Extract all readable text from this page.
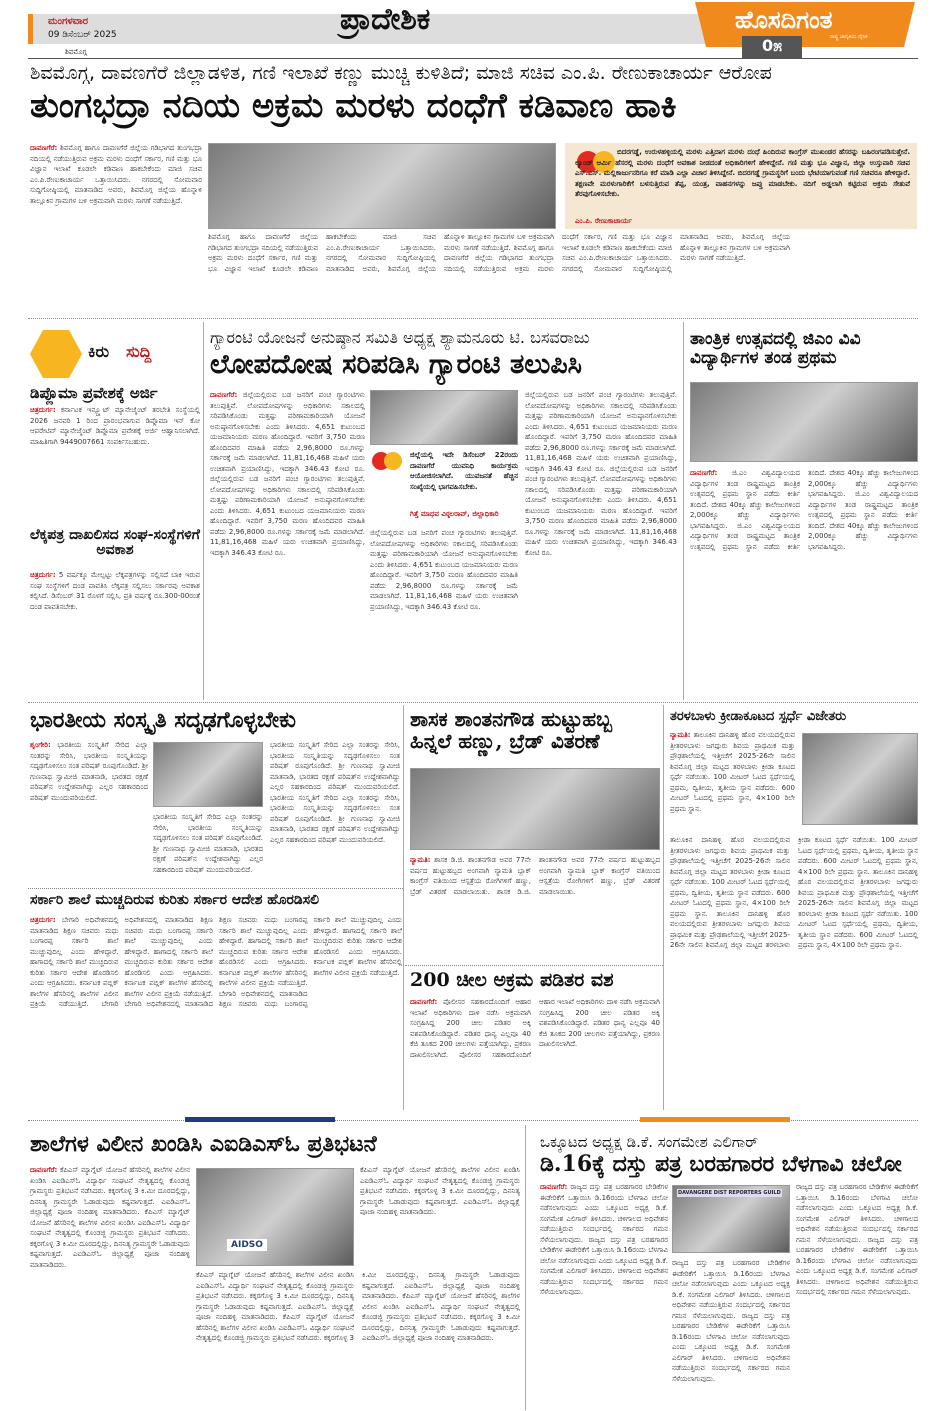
ಮಂಗಳವಾರ
09 ಡಿಸೆಂಬರ್ 2025
ಶಿವಮೊಗ್ಗ
ಪ್ರಾದೇಶಿಕ	ಹೊಸದಿಗಂತ
ರಾಷ್ಟ್ರ ಜಾಗೃತಿಯ ದೈನಿಕ
0೫
ಶಿವಮೊಗ್ಗ, ದಾವಣಗೆರೆ ಜಿಲ್ಲಾಡಳಿತ, ಗಣಿ ಇಲಾಖೆ ಕಣ್ಣು ಮುಚ್ಚಿ ಕುಳಿತಿದೆ; ಮಾಜಿ ಸಚಿವ ಎಂ.ಪಿ. ರೇಣುಕಾಚಾರ್ಯ ಆರೋಪ
ತುಂಗಭದ್ರಾ ನದಿಯ ಅಕ್ರಮ ಮರಳು ದಂಧೆಗೆ ಕಡಿವಾಣ ಹಾಕಿ
ದಾವಣಗೆರೆ: ಶಿವಮೊಗ್ಗ ಹಾಗೂ ದಾವಣಗೆರೆ ಜಿಲ್ಲೆಯ ಗಡಿಭಾಗದ ತುಂಗಭದ್ರಾ ನದಿಯಲ್ಲಿ ನಡೆಯುತ್ತಿರುವ ಅಕ್ರಮ ಮರಳು ದಂಧೆಗೆ ಸರ್ಕಾರ, ಗಣಿ ಮತ್ತು ಭೂ ವಿಜ್ಞಾನ ಇಲಾಖೆ ಕೂಡಲೇ ಕಡಿವಾಣ ಹಾಕಬೇಕೆಂದು ಮಾಜಿ ಸಚಿವ ಎಂ.ಪಿ.ರೇಣುಕಾಚಾರ್ಯ ಒತ್ತಾಯಿಸಿದರು. ನಗರದಲ್ಲಿ ಸೋಮವಾರ ಸುದ್ದಿಗೋಷ್ಠಿಯಲ್ಲಿ ಮಾತನಾಡಿದ ಅವರು, ಶಿವಮೊಗ್ಗ ಜಿಲ್ಲೆಯ ಹೊನ್ನಾಳಿ ತಾಲ್ಲೂಕಿನ ಗ್ರಾಮಗಳ ಬಳಿ ಅಕ್ರಮವಾಗಿ ಮರಳು ಸಾಗಣೆ ನಡೆಯುತ್ತಿದೆ.
ಶಿವಮೊಗ್ಗ ಹಾಗೂ ದಾವಣಗೆರೆ ಜಿಲ್ಲೆಯ ಗಡಿಭಾಗದ ತುಂಗಭದ್ರಾ ನದಿಯಲ್ಲಿ ನಡೆಯುತ್ತಿರುವ ಅಕ್ರಮ ಮರಳು ದಂಧೆಗೆ ಸರ್ಕಾರ, ಗಣಿ ಮತ್ತು ಭೂ ವಿಜ್ಞಾನ ಇಲಾಖೆ ಕೂಡಲೇ ಕಡಿವಾಣ ಹಾಕಬೇಕೆಂದು ಮಾಜಿ ಸಚಿವ ಎಂ.ಪಿ.ರೇಣುಕಾಚಾರ್ಯ ಒತ್ತಾಯಿಸಿದರು. ನಗರದಲ್ಲಿ ಸೋಮವಾರ ಸುದ್ದಿಗೋಷ್ಠಿಯಲ್ಲಿ ಮಾತನಾಡಿದ ಅವರು, ಶಿವಮೊಗ್ಗ ಜಿಲ್ಲೆಯ ಹೊನ್ನಾಳಿ ತಾಲ್ಲೂಕಿನ ಗ್ರಾಮಗಳ ಬಳಿ ಅಕ್ರಮವಾಗಿ ಮರಳು ಸಾಗಣೆ ನಡೆಯುತ್ತಿದೆ. ಶಿವಮೊಗ್ಗ ಹಾಗೂ ದಾವಣಗೆರೆ ಜಿಲ್ಲೆಯ ಗಡಿಭಾಗದ ತುಂಗಭದ್ರಾ ನದಿಯಲ್ಲಿ ನಡೆಯುತ್ತಿರುವ ಅಕ್ರಮ ಮರಳು ದಂಧೆಗೆ ಸರ್ಕಾರ, ಗಣಿ ಮತ್ತು ಭೂ ವಿಜ್ಞಾನ ಇಲಾಖೆ ಕೂಡಲೇ ಕಡಿವಾಣ ಹಾಕಬೇಕೆಂದು ಮಾಜಿ ಸಚಿವ ಎಂ.ಪಿ.ರೇಣುಕಾಚಾರ್ಯ ಒತ್ತಾಯಿಸಿದರು. ನಗರದಲ್ಲಿ ಸೋಮವಾರ ಸುದ್ದಿಗೋಷ್ಠಿಯಲ್ಲಿ ಮಾತನಾಡಿದ ಅವರು, ಶಿವಮೊಗ್ಗ ಜಿಲ್ಲೆಯ ಹೊನ್ನಾಳಿ ತಾಲ್ಲೂಕಿನ ಗ್ರಾಮಗಳ ಬಳಿ ಅಕ್ರಮವಾಗಿ ಮರಳು ಸಾಗಣೆ ನಡೆಯುತ್ತಿದೆ.
ಬಿದರಗಡ್ಡೆ, ಉರುಳಹಳ್ಳಿಯಲ್ಲಿ ಮರಳು ಎತ್ತಿದಾಗ ಮರಳು ದಂಧೆ ಹಿಂದಿರುವ ಕಾಂಗ್ರೆಸ್ ಮುಖಂಡರ ಹೆಸರನ್ನು ಬಹಿರಂಗಪಡಿಸುತ್ತೇನೆ. ಲ್ಯಾಂಡ್ ಆರ್ಮಿ ಹೆಸರಲ್ಲಿ ಮರಳು ದಂಧೆಗೆ ಅವಕಾಶ ನೀಡದಂತೆ ಅಧಿಕಾರಿಗಳಿಗೆ ಹೇಳಿದ್ದೇನೆ. ಗಣಿ ಮತ್ತು ಭೂ ವಿಜ್ಞಾನ, ಜಿಲ್ಲಾ ಉಸ್ತುವಾರಿ ಸಚಿವ ಎಸ್.ಎಸ್. ಮಲ್ಲಿಕಾರ್ಜುನರಿಗೂ ಕರೆ ಮಾಡಿ ಎಲ್ಲಾ ವಿಚಾರ ತಿಳಿಸಿದ್ದೇನೆ. ಬಿದರಗಡ್ಡೆ ಗ್ರಾಮಸ್ಥರಿಗೆ ಬಂದು ಭೇಟಿಯಾಗುವಂತೆ ಗಣಿ ಸಚಿವರೂ ಹೇಳಿದ್ದಾರೆ. ತಕ್ಷಣವೇ ಮರಳುಗಾರಿಕೆಗೆ ಬಳಸುತ್ತಿರುವ ತೆಪ್ಪ, ಯಂತ್ರ, ವಾಹನಗಳನ್ನು ಜಪ್ತು ಮಾಡಬೇಕು. ನದಿಗೆ ಅಡ್ಡಲಾಗಿ ಕಟ್ಟಿರುವ ಅಕ್ರಮ ಸೇತುವೆ ತೆರವುಗೊಳಿಸಬೇಕು.
ಎಂ.ಪಿ. ರೇಣುಕಾಚಾರ್ಯ
ಕಿರು ಸುದ್ದಿ
ಡಿಪ್ಲೊಮಾ ಪ್ರವೇಶಕ್ಕೆ ಅರ್ಜಿ
ಚಿತ್ರದುರ್ಗ: ಕರ್ನಾಟಕ ಇನ್ಸ್ಟ್ಯೂಟ್ ಮ್ಯಾನೇಜ್ಮೆಂಟ್ ತರಬೇತಿ ಸಂಸ್ಥೆಯಲ್ಲಿ 2026 ಜನವರಿ 1 ರಿಂದ ಪ್ರಾರಂಭವಾಗುವ ಡಿಪ್ಲೊಮಾ ಇನ್ ಕೋ ಆಪರೇಟಿವ್ ಮ್ಯಾನೇಜ್ಮೆಂಟ್ ಡಿಪ್ಲೊಮಾ ಪ್ರವೇಶಕ್ಕೆ ಅರ್ಜಿ ಆಹ್ವಾನಿಸಲಾಗಿದೆ. ಮಾಹಿತಿಗಾಗಿ 9449007661 ಸಂಪರ್ಕಿಸಬಹುದು.
ಲೆಕ್ಕಪತ್ರ ದಾಖಲಿಸದ ಸಂಘ-ಸಂಸ್ಥೆಗಳಿಗೆ ಅವಕಾಶ
ಚಿತ್ರದುರ್ಗ: 5 ವರ್ಷಕ್ಕೂ ಮೇಲ್ಪಟ್ಟು ಲೆಕ್ಕಪತ್ರಗಳನ್ನು ಸಲ್ಲಿಸದೆ ಬಾಕಿ ಇರುವ ಸಂಘ ಸಂಸ್ಥೆಗಳಿಗೆ ದಂಡ ಪಾವತಿಸಿ ಲೆಕ್ಕಪತ್ರ ಸಲ್ಲಿಸಲು ಸರ್ಕಾರವು ಅವಕಾಶ ಕಲ್ಪಿಸಿದೆ. ಡಿಸೆಂಬರ್ 31 ರೊಳಗೆ ಸಲ್ಲಿಸಿ, ಪ್ರತಿ ವರ್ಷಕ್ಕೆ ರೂ.300-00ರಂತೆ ದಂಡ ಪಾವತಿಸಬೇಕು.
ಗ್ಯಾರಂಟಿ ಯೋಜನೆ ಅನುಷ್ಠಾನ ಸಮಿತಿ ಅಧ್ಯಕ್ಷ ಶ್ಯಾಮನೂರು ಟಿ. ಬಸವರಾಜು
ಲೋಪದೋಷ ಸರಿಪಡಿಸಿ ಗ್ಯಾರಂಟಿ ತಲುಪಿಸಿ
ದಾವಣಗೆರೆ: ಜಿಲ್ಲೆಯಲ್ಲಿರುವ ಬಡ ಜನರಿಗೆ ಪಂಚ ಗ್ಯಾರಂಟಿಗಳು ತಲುಪುತ್ತಿವೆ. ಲೋಪದೋಷಗಳನ್ನು ಅಧಿಕಾರಿಗಳು ಸಕಾಲದಲ್ಲಿ ಸರಿಪಡಿಸಿಕೊಂಡು ಮತ್ತಷ್ಟು ಪರಿಣಾಮಕಾರಿಯಾಗಿ ಯೋಜನೆ ಅನುಷ್ಠಾನಗೊಳಿಸಬೇಕು ಎಂದು ತಿಳಿಸಿದರು. 4,651 ಕುಟುಂಬದ ಯಜಮಾನಿಯರು ಮರಣ ಹೊಂದಿದ್ದಾರೆ. ಇವರಿಗೆ 3,750 ಮರಣ ಹೊಂದಿದವರ ಮಾಹಿತಿ ಪಡೆದು 2,96,8000 ರೂ.ಗಳನ್ನು ಸರ್ಕಾರಕ್ಕೆ ಜಮೆ ಮಾಡಲಾಗಿದೆ. 11,81,16,468 ಮಹಿಳೆ ಯರು ಉಚಿತವಾಗಿ ಪ್ರಯಾಣಿಸಿದ್ದು, ಇದಕ್ಕಾಗಿ 346.43 ಕೋಟಿ ರೂ. ಜಿಲ್ಲೆಯಲ್ಲಿರುವ ಬಡ ಜನರಿಗೆ ಪಂಚ ಗ್ಯಾರಂಟಿಗಳು ತಲುಪುತ್ತಿವೆ. ಲೋಪದೋಷಗಳನ್ನು ಅಧಿಕಾರಿಗಳು ಸಕಾಲದಲ್ಲಿ ಸರಿಪಡಿಸಿಕೊಂಡು ಮತ್ತಷ್ಟು ಪರಿಣಾಮಕಾರಿಯಾಗಿ ಯೋಜನೆ ಅನುಷ್ಠಾನಗೊಳಿಸಬೇಕು ಎಂದು ತಿಳಿಸಿದರು. 4,651 ಕುಟುಂಬದ ಯಜಮಾನಿಯರು ಮರಣ ಹೊಂದಿದ್ದಾರೆ. ಇವರಿಗೆ 3,750 ಮರಣ ಹೊಂದಿದವರ ಮಾಹಿತಿ ಪಡೆದು 2,96,8000 ರೂ.ಗಳನ್ನು ಸರ್ಕಾರಕ್ಕೆ ಜಮೆ ಮಾಡಲಾಗಿದೆ. 11,81,16,468 ಮಹಿಳೆ ಯರು ಉಚಿತವಾಗಿ ಪ್ರಯಾಣಿಸಿದ್ದು, ಇದಕ್ಕಾಗಿ 346.43 ಕೋಟಿ ರೂ.
ಜಿಲ್ಲೆಯಲ್ಲಿ ಇದೇ ಡಿಸೆಂಬರ್ 22ರಂದು ದಾವಣಗೆರೆ ಯುವನಿಧಿ ಕಾರ್ಯಕ್ರಮ ಆಯೋಜಿಸಲಾಗಿದೆ. ಯುವಜನತೆ ಹೆಚ್ಚಿನ ಸಂಖ್ಯೆಯಲ್ಲಿ ಭಾಗವಹಿಸಬೇಕು.
ಗಿತ್ತೆ ಮಾಧವ ವಿಠ್ಠಲರಾವ್, ಜಿಲ್ಲಾಧಿಕಾರಿ
ಜಿಲ್ಲೆಯಲ್ಲಿರುವ ಬಡ ಜನರಿಗೆ ಪಂಚ ಗ್ಯಾರಂಟಿಗಳು ತಲುಪುತ್ತಿವೆ. ಲೋಪದೋಷಗಳನ್ನು ಅಧಿಕಾರಿಗಳು ಸಕಾಲದಲ್ಲಿ ಸರಿಪಡಿಸಿಕೊಂಡು ಮತ್ತಷ್ಟು ಪರಿಣಾಮಕಾರಿಯಾಗಿ ಯೋಜನೆ ಅನುಷ್ಠಾನಗೊಳಿಸಬೇಕು ಎಂದು ತಿಳಿಸಿದರು. 4,651 ಕುಟುಂಬದ ಯಜಮಾನಿಯರು ಮರಣ ಹೊಂದಿದ್ದಾರೆ. ಇವರಿಗೆ 3,750 ಮರಣ ಹೊಂದಿದವರ ಮಾಹಿತಿ ಪಡೆದು 2,96,8000 ರೂ.ಗಳನ್ನು ಸರ್ಕಾರಕ್ಕೆ ಜಮೆ ಮಾಡಲಾಗಿದೆ. 11,81,16,468 ಮಹಿಳೆ ಯರು ಉಚಿತವಾಗಿ ಪ್ರಯಾಣಿಸಿದ್ದು, ಇದಕ್ಕಾಗಿ 346.43 ಕೋಟಿ ರೂ.
ಜಿಲ್ಲೆಯಲ್ಲಿರುವ ಬಡ ಜನರಿಗೆ ಪಂಚ ಗ್ಯಾರಂಟಿಗಳು ತಲುಪುತ್ತಿವೆ. ಲೋಪದೋಷಗಳನ್ನು ಅಧಿಕಾರಿಗಳು ಸಕಾಲದಲ್ಲಿ ಸರಿಪಡಿಸಿಕೊಂಡು ಮತ್ತಷ್ಟು ಪರಿಣಾಮಕಾರಿಯಾಗಿ ಯೋಜನೆ ಅನುಷ್ಠಾನಗೊಳಿಸಬೇಕು ಎಂದು ತಿಳಿಸಿದರು. 4,651 ಕುಟುಂಬದ ಯಜಮಾನಿಯರು ಮರಣ ಹೊಂದಿದ್ದಾರೆ. ಇವರಿಗೆ 3,750 ಮರಣ ಹೊಂದಿದವರ ಮಾಹಿತಿ ಪಡೆದು 2,96,8000 ರೂ.ಗಳನ್ನು ಸರ್ಕಾರಕ್ಕೆ ಜಮೆ ಮಾಡಲಾಗಿದೆ. 11,81,16,468 ಮಹಿಳೆ ಯರು ಉಚಿತವಾಗಿ ಪ್ರಯಾಣಿಸಿದ್ದು, ಇದಕ್ಕಾಗಿ 346.43 ಕೋಟಿ ರೂ. ಜಿಲ್ಲೆಯಲ್ಲಿರುವ ಬಡ ಜನರಿಗೆ ಪಂಚ ಗ್ಯಾರಂಟಿಗಳು ತಲುಪುತ್ತಿವೆ. ಲೋಪದೋಷಗಳನ್ನು ಅಧಿಕಾರಿಗಳು ಸಕಾಲದಲ್ಲಿ ಸರಿಪಡಿಸಿಕೊಂಡು ಮತ್ತಷ್ಟು ಪರಿಣಾಮಕಾರಿಯಾಗಿ ಯೋಜನೆ ಅನುಷ್ಠಾನಗೊಳಿಸಬೇಕು ಎಂದು ತಿಳಿಸಿದರು. 4,651 ಕುಟುಂಬದ ಯಜಮಾನಿಯರು ಮರಣ ಹೊಂದಿದ್ದಾರೆ. ಇವರಿಗೆ 3,750 ಮರಣ ಹೊಂದಿದವರ ಮಾಹಿತಿ ಪಡೆದು 2,96,8000 ರೂ.ಗಳನ್ನು ಸರ್ಕಾರಕ್ಕೆ ಜಮೆ ಮಾಡಲಾಗಿದೆ. 11,81,16,468 ಮಹಿಳೆ ಯರು ಉಚಿತವಾಗಿ ಪ್ರಯಾಣಿಸಿದ್ದು, ಇದಕ್ಕಾಗಿ 346.43 ಕೋಟಿ ರೂ.
ತಾಂತ್ರಿಕ ಉತ್ಸವದಲ್ಲಿ ಜಿಎಂ ವಿವಿ ವಿದ್ಯಾರ್ಥಿಗಳ ತಂಡ ಪ್ರಥಮ
ದಾವಣಗೆರೆ: ಜಿ.ಎಂ ವಿಶ್ವವಿದ್ಯಾಲಯದ ವಿದ್ಯಾರ್ಥಿಗಳ ತಂಡ ರಾಷ್ಟ್ರಮಟ್ಟದ ತಾಂತ್ರಿಕ ಉತ್ಸವದಲ್ಲಿ ಪ್ರಥಮ ಸ್ಥಾನ ಪಡೆದು ಕೀರ್ತಿ ತಂದಿದೆ. ದೇಶದ 40ಕ್ಕೂ ಹೆಚ್ಚು ಕಾಲೇಜುಗಳಿಂದ 2,000ಕ್ಕೂ ಹೆಚ್ಚು ವಿದ್ಯಾರ್ಥಿಗಳು ಭಾಗವಹಿಸಿದ್ದರು. ಜಿ.ಎಂ ವಿಶ್ವವಿದ್ಯಾಲಯದ ವಿದ್ಯಾರ್ಥಿಗಳ ತಂಡ ರಾಷ್ಟ್ರಮಟ್ಟದ ತಾಂತ್ರಿಕ ಉತ್ಸವದಲ್ಲಿ ಪ್ರಥಮ ಸ್ಥಾನ ಪಡೆದು ಕೀರ್ತಿ ತಂದಿದೆ. ದೇಶದ 40ಕ್ಕೂ ಹೆಚ್ಚು ಕಾಲೇಜುಗಳಿಂದ 2,000ಕ್ಕೂ ಹೆಚ್ಚು ವಿದ್ಯಾರ್ಥಿಗಳು ಭಾಗವಹಿಸಿದ್ದರು. ಜಿ.ಎಂ ವಿಶ್ವವಿದ್ಯಾಲಯದ ವಿದ್ಯಾರ್ಥಿಗಳ ತಂಡ ರಾಷ್ಟ್ರಮಟ್ಟದ ತಾಂತ್ರಿಕ ಉತ್ಸವದಲ್ಲಿ ಪ್ರಥಮ ಸ್ಥಾನ ಪಡೆದು ಕೀರ್ತಿ ತಂದಿದೆ. ದೇಶದ 40ಕ್ಕೂ ಹೆಚ್ಚು ಕಾಲೇಜುಗಳಿಂದ 2,000ಕ್ಕೂ ಹೆಚ್ಚು ವಿದ್ಯಾರ್ಥಿಗಳು ಭಾಗವಹಿಸಿದ್ದರು.
ಭಾರತೀಯ ಸಂಸ್ಕೃತಿ ಸದೃಢಗೊಳ್ಳಬೇಕು
ಶೃಂಗೇರಿ: ಭಾರತೀಯ ಸಂಸ್ಕೃತಿಗೆ ಸೇರಿದ ಎಲ್ಲಾ ಸಂತರನ್ನು ಸೇರಿಸಿ, ಭಾರತೀಯ ಸಂಸ್ಕೃತಿಯನ್ನು ಸದೃಢಗೊಳಿಸಲು ಸಂತ ಪರಿಷತ್ ರೂಪುಗೊಂಡಿದೆ. ಶ್ರೀ ಗುಣನಾಥ ಸ್ವಾಮೀಜಿ ಮಾತನಾಡಿ, ಭಾರತದ ರಕ್ಷಣೆ ಪರಿಷತ್‌ನ ಉದ್ದೇಶವಾಗಿದ್ದು ಎಲ್ಲರ ಸಹಕಾರದಿಂದ ಪರಿಷತ್ ಮುಂದುವರಿಯಲಿದೆ.
ಭಾರತೀಯ ಸಂಸ್ಕೃತಿಗೆ ಸೇರಿದ ಎಲ್ಲಾ ಸಂತರನ್ನು ಸೇರಿಸಿ, ಭಾರತೀಯ ಸಂಸ್ಕೃತಿಯನ್ನು ಸದೃಢಗೊಳಿಸಲು ಸಂತ ಪರಿಷತ್ ರೂಪುಗೊಂಡಿದೆ. ಶ್ರೀ ಗುಣನಾಥ ಸ್ವಾಮೀಜಿ ಮಾತನಾಡಿ, ಭಾರತದ ರಕ್ಷಣೆ ಪರಿಷತ್‌ನ ಉದ್ದೇಶವಾಗಿದ್ದು ಎಲ್ಲರ ಸಹಕಾರದಿಂದ ಪರಿಷತ್ ಮುಂದುವರಿಯಲಿದೆ.
ಭಾರತೀಯ ಸಂಸ್ಕೃತಿಗೆ ಸೇರಿದ ಎಲ್ಲಾ ಸಂತರನ್ನು ಸೇರಿಸಿ, ಭಾರತೀಯ ಸಂಸ್ಕೃತಿಯನ್ನು ಸದೃಢಗೊಳಿಸಲು ಸಂತ ಪರಿಷತ್ ರೂಪುಗೊಂಡಿದೆ. ಶ್ರೀ ಗುಣನಾಥ ಸ್ವಾಮೀಜಿ ಮಾತನಾಡಿ, ಭಾರತದ ರಕ್ಷಣೆ ಪರಿಷತ್‌ನ ಉದ್ದೇಶವಾಗಿದ್ದು ಎಲ್ಲರ ಸಹಕಾರದಿಂದ ಪರಿಷತ್ ಮುಂದುವರಿಯಲಿದೆ. ಭಾರತೀಯ ಸಂಸ್ಕೃತಿಗೆ ಸೇರಿದ ಎಲ್ಲಾ ಸಂತರನ್ನು ಸೇರಿಸಿ, ಭಾರತೀಯ ಸಂಸ್ಕೃತಿಯನ್ನು ಸದೃಢಗೊಳಿಸಲು ಸಂತ ಪರಿಷತ್ ರೂಪುಗೊಂಡಿದೆ. ಶ್ರೀ ಗುಣನಾಥ ಸ್ವಾಮೀಜಿ ಮಾತನಾಡಿ, ಭಾರತದ ರಕ್ಷಣೆ ಪರಿಷತ್‌ನ ಉದ್ದೇಶವಾಗಿದ್ದು ಎಲ್ಲರ ಸಹಕಾರದಿಂದ ಪರಿಷತ್ ಮುಂದುವರಿಯಲಿದೆ.
ಸರ್ಕಾರಿ ಶಾಲೆ ಮುಚ್ಚದಿರುವ ಕುರಿತು ಸರ್ಕಾರ ಆದೇಶ ಹೊರಡಿಸಲಿ
ಚಿತ್ರದುರ್ಗ: ಬೇಗಾರಿ ಅಧಿವೇಶನದಲ್ಲಿ ಮಾತನಾಡಿದ ಶಿಕ್ಷಣ ಸಚಿವರು ಮಧು ಬಂಗಾರಪ್ಪ ಸರ್ಕಾರಿ ಶಾಲೆ ಮುಚ್ಚುವುದಿಲ್ಲ ಎಂದು ಹೇಳಿದ್ದಾರೆ. ಹಾಗಾದಲ್ಲಿ ಸರ್ಕಾರಿ ಶಾಲೆ ಮುಚ್ಚದಿರುವ ಕುರಿತು ಸರ್ಕಾರ ಆದೇಶ ಹೊರಡಿಸಲಿ ಎಂದು ಆಗ್ರಹಿಸಿದರು. ಕರ್ನಾಟಕ ಪಬ್ಲಿಕ್ ಶಾಲೆಗಳ ಹೆಸರಿನಲ್ಲಿ ಶಾಲೆಗಳ ವಿಲೀನ ಪ್ರಕ್ರಿಯೆ ನಡೆಯುತ್ತಿದೆ. ಬೇಗಾರಿ ಅಧಿವೇಶನದಲ್ಲಿ ಮಾತನಾಡಿದ ಶಿಕ್ಷಣ ಸಚಿವರು ಮಧು ಬಂಗಾರಪ್ಪ ಸರ್ಕಾರಿ ಶಾಲೆ ಮುಚ್ಚುವುದಿಲ್ಲ ಎಂದು ಹೇಳಿದ್ದಾರೆ. ಹಾಗಾದಲ್ಲಿ ಸರ್ಕಾರಿ ಶಾಲೆ ಮುಚ್ಚದಿರುವ ಕುರಿತು ಸರ್ಕಾರ ಆದೇಶ ಹೊರಡಿಸಲಿ ಎಂದು ಆಗ್ರಹಿಸಿದರು. ಕರ್ನಾಟಕ ಪಬ್ಲಿಕ್ ಶಾಲೆಗಳ ಹೆಸರಿನಲ್ಲಿ ಶಾಲೆಗಳ ವಿಲೀನ ಪ್ರಕ್ರಿಯೆ ನಡೆಯುತ್ತಿದೆ. ಬೇಗಾರಿ ಅಧಿವೇಶನದಲ್ಲಿ ಮಾತನಾಡಿದ ಶಿಕ್ಷಣ ಸಚಿವರು ಮಧು ಬಂಗಾರಪ್ಪ ಸರ್ಕಾರಿ ಶಾಲೆ ಮುಚ್ಚುವುದಿಲ್ಲ ಎಂದು ಹೇಳಿದ್ದಾರೆ. ಹಾಗಾದಲ್ಲಿ ಸರ್ಕಾರಿ ಶಾಲೆ ಮುಚ್ಚದಿರುವ ಕುರಿತು ಸರ್ಕಾರ ಆದೇಶ ಹೊರಡಿಸಲಿ ಎಂದು ಆಗ್ರಹಿಸಿದರು. ಕರ್ನಾಟಕ ಪಬ್ಲಿಕ್ ಶಾಲೆಗಳ ಹೆಸರಿನಲ್ಲಿ ಶಾಲೆಗಳ ವಿಲೀನ ಪ್ರಕ್ರಿಯೆ ನಡೆಯುತ್ತಿದೆ. ಬೇಗಾರಿ ಅಧಿವೇಶನದಲ್ಲಿ ಮಾತನಾಡಿದ ಶಿಕ್ಷಣ ಸಚಿವರು ಮಧು ಬಂಗಾರಪ್ಪ ಸರ್ಕಾರಿ ಶಾಲೆ ಮುಚ್ಚುವುದಿಲ್ಲ ಎಂದು ಹೇಳಿದ್ದಾರೆ. ಹಾಗಾದಲ್ಲಿ ಸರ್ಕಾರಿ ಶಾಲೆ ಮುಚ್ಚದಿರುವ ಕುರಿತು ಸರ್ಕಾರ ಆದೇಶ ಹೊರಡಿಸಲಿ ಎಂದು ಆಗ್ರಹಿಸಿದರು. ಕರ್ನಾಟಕ ಪಬ್ಲಿಕ್ ಶಾಲೆಗಳ ಹೆಸರಿನಲ್ಲಿ ಶಾಲೆಗಳ ವಿಲೀನ ಪ್ರಕ್ರಿಯೆ ನಡೆಯುತ್ತಿದೆ.
ಶಾಸಕ ಶಾಂತನಗೌಡ ಹುಟ್ಟುಹಬ್ಬ ಹಿನ್ನಲೆ ಹಣ್ಣು, ಬ್ರೆಡ್ ವಿತರಣೆ
ನ್ಯಾಮತಿ: ಶಾಸಕ ಡಿ.ಜಿ. ಶಾಂತನಗೌಡ ಅವರ 77ನೇ ವರ್ಷದ ಹುಟ್ಟುಹಬ್ಬದ ಅಂಗವಾಗಿ ನ್ಯಾಮತಿ ಬ್ಲಾಕ್ ಕಾಂಗ್ರೆಸ್ ವತಿಯಿಂದ ಆಸ್ಪತ್ರೆಯ ರೋಗಿಗಳಿಗೆ ಹಣ್ಣು, ಬ್ರೆಡ್ ವಿತರಣೆ ಮಾಡಲಾಯಿತು. ಶಾಸಕ ಡಿ.ಜಿ. ಶಾಂತನಗೌಡ ಅವರ 77ನೇ ವರ್ಷದ ಹುಟ್ಟುಹಬ್ಬದ ಅಂಗವಾಗಿ ನ್ಯಾಮತಿ ಬ್ಲಾಕ್ ಕಾಂಗ್ರೆಸ್ ವತಿಯಿಂದ ಆಸ್ಪತ್ರೆಯ ರೋಗಿಗಳಿಗೆ ಹಣ್ಣು, ಬ್ರೆಡ್ ವಿತರಣೆ ಮಾಡಲಾಯಿತು.
200 ಚೀಲ ಅಕ್ರಮ ಪಡಿತರ ವಶ
ದಾವಣಗೆರೆ: ಪೊಲೀಸರ ಸಹಕಾರದೊಂದಿಗೆ ಆಹಾರ ಇಲಾಖೆ ಅಧಿಕಾರಿಗಳು ದಾಳಿ ನಡೆಸಿ ಅಕ್ರಮವಾಗಿ ಸಂಗ್ರಹಿಸಿದ್ದ 200 ಚೀಲ ಪಡಿತರ ಅಕ್ಕಿ ವಶಪಡಿಸಿಕೊಂಡಿದ್ದಾರೆ. ಪಡಿತರ ಧಾನ್ಯ ಎಲ್ಲವೂ 40 ಕೆಜಿ ತೂಕದ 200 ಚೀಲಗಳು ಪತ್ತೆಯಾಗಿದ್ದು, ಪ್ರಕರಣ ದಾಖಲಿಸಲಾಗಿದೆ. ಪೊಲೀಸರ ಸಹಕಾರದೊಂದಿಗೆ ಆಹಾರ ಇಲಾಖೆ ಅಧಿಕಾರಿಗಳು ದಾಳಿ ನಡೆಸಿ ಅಕ್ರಮವಾಗಿ ಸಂಗ್ರಹಿಸಿದ್ದ 200 ಚೀಲ ಪಡಿತರ ಅಕ್ಕಿ ವಶಪಡಿಸಿಕೊಂಡಿದ್ದಾರೆ. ಪಡಿತರ ಧಾನ್ಯ ಎಲ್ಲವೂ 40 ಕೆಜಿ ತೂಕದ 200 ಚೀಲಗಳು ಪತ್ತೆಯಾಗಿದ್ದು, ಪ್ರಕರಣ ದಾಖಲಿಸಲಾಗಿದೆ.
ತರಳಬಾಳು ಕ್ರೀಡಾಕೂಟದ ಸ್ಪರ್ಧೆ ವಿಜೇತರು
ನ್ಯಾಮತಿ: ತಾಲೂಕಿನ ದಾನಿಹಳ್ಳಿ ಹೊರ ವಲಯದಲ್ಲಿರುವ ತ್ರೀತರಳಬಾಳು ಜಗದ್ಗುರು ಶಿವಯ ಪ್ರಾಥಮಿಕ ಮತ್ತು ಪ್ರೌಢಶಾಲೆಯಲ್ಲಿ ಇತ್ತೀಚೆಗೆ 2025-26ನೇ ಸಾಲಿನ ಶಿವಮೊಗ್ಗ ಜಿಲ್ಲಾ ಮಟ್ಟದ ತರಳಬಾಳು ಕ್ರೀಡಾ ಕೂಟದ ಸ್ಪರ್ಧೆ ನಡೆಯಿತು. 100 ಮೀಟರ್ ಓಟದ ಸ್ಪರ್ಧೆಯಲ್ಲಿ ಪ್ರಥಮ, ದ್ವಿತೀಯ, ತೃತೀಯ ಸ್ಥಾನ ಪಡೆದರು. 600 ಮೀಟರ್ ಓಟದಲ್ಲಿ ಪ್ರಥಮ ಸ್ಥಾನ, 4×100 ರಿಲೇ ಪ್ರಥಮ ಸ್ಥಾನ.
ತಾಲೂಕಿನ ದಾನಿಹಳ್ಳಿ ಹೊರ ವಲಯದಲ್ಲಿರುವ ತ್ರೀತರಳಬಾಳು ಜಗದ್ಗುರು ಶಿವಯ ಪ್ರಾಥಮಿಕ ಮತ್ತು ಪ್ರೌಢಶಾಲೆಯಲ್ಲಿ ಇತ್ತೀಚೆಗೆ 2025-26ನೇ ಸಾಲಿನ ಶಿವಮೊಗ್ಗ ಜಿಲ್ಲಾ ಮಟ್ಟದ ತರಳಬಾಳು ಕ್ರೀಡಾ ಕೂಟದ ಸ್ಪರ್ಧೆ ನಡೆಯಿತು. 100 ಮೀಟರ್ ಓಟದ ಸ್ಪರ್ಧೆಯಲ್ಲಿ ಪ್ರಥಮ, ದ್ವಿತೀಯ, ತೃತೀಯ ಸ್ಥಾನ ಪಡೆದರು. 600 ಮೀಟರ್ ಓಟದಲ್ಲಿ ಪ್ರಥಮ ಸ್ಥಾನ, 4×100 ರಿಲೇ ಪ್ರಥಮ ಸ್ಥಾನ. ತಾಲೂಕಿನ ದಾನಿಹಳ್ಳಿ ಹೊರ ವಲಯದಲ್ಲಿರುವ ತ್ರೀತರಳಬಾಳು ಜಗದ್ಗುರು ಶಿವಯ ಪ್ರಾಥಮಿಕ ಮತ್ತು ಪ್ರೌಢಶಾಲೆಯಲ್ಲಿ ಇತ್ತೀಚೆಗೆ 2025-26ನೇ ಸಾಲಿನ ಶಿವಮೊಗ್ಗ ಜಿಲ್ಲಾ ಮಟ್ಟದ ತರಳಬಾಳು ಕ್ರೀಡಾ ಕೂಟದ ಸ್ಪರ್ಧೆ ನಡೆಯಿತು. 100 ಮೀಟರ್ ಓಟದ ಸ್ಪರ್ಧೆಯಲ್ಲಿ ಪ್ರಥಮ, ದ್ವಿತೀಯ, ತೃತೀಯ ಸ್ಥಾನ ಪಡೆದರು. 600 ಮೀಟರ್ ಓಟದಲ್ಲಿ ಪ್ರಥಮ ಸ್ಥಾನ, 4×100 ರಿಲೇ ಪ್ರಥಮ ಸ್ಥಾನ. ತಾಲೂಕಿನ ದಾನಿಹಳ್ಳಿ ಹೊರ ವಲಯದಲ್ಲಿರುವ ತ್ರೀತರಳಬಾಳು ಜಗದ್ಗುರು ಶಿವಯ ಪ್ರಾಥಮಿಕ ಮತ್ತು ಪ್ರೌಢಶಾಲೆಯಲ್ಲಿ ಇತ್ತೀಚೆಗೆ 2025-26ನೇ ಸಾಲಿನ ಶಿವಮೊಗ್ಗ ಜಿಲ್ಲಾ ಮಟ್ಟದ ತರಳಬಾಳು ಕ್ರೀಡಾ ಕೂಟದ ಸ್ಪರ್ಧೆ ನಡೆಯಿತು. 100 ಮೀಟರ್ ಓಟದ ಸ್ಪರ್ಧೆಯಲ್ಲಿ ಪ್ರಥಮ, ದ್ವಿತೀಯ, ತೃತೀಯ ಸ್ಥಾನ ಪಡೆದರು. 600 ಮೀಟರ್ ಓಟದಲ್ಲಿ ಪ್ರಥಮ ಸ್ಥಾನ, 4×100 ರಿಲೇ ಪ್ರಥಮ ಸ್ಥಾನ.
ಶಾಲೆಗಳ ವಿಲೀನ ಖಂಡಿಸಿ ಎಐಡಿಎಸ್‌ಓ ಪ್ರತಿಭಟನೆ
ದಾವಣಗೆರೆ: ಕೆಪಿಎಸ್ ಮ್ಯಾಗ್ನೆಟ್ ಯೋಜನೆ ಹೆಸರಿನಲ್ಲಿ ಶಾಲೆಗಳ ವಿಲೀನ ಖಂಡಿಸಿ ಎಐಡಿಎಸ್‌ಓ ವಿದ್ಯಾರ್ಥಿ ಸಂಘಟನೆ ನೇತೃತ್ವದಲ್ಲಿ ಕೊಂಡಜ್ಜಿ ಗ್ರಾಮಸ್ಥರು ಪ್ರತಿಭಟನೆ ನಡೆಸಿದರು. ಕಕ್ಕರಗೊಳ್ಳ 3 ಕಿ.ಮೀ ದೂರದಲ್ಲಿದ್ದು, ದಿನನಿತ್ಯ ಗ್ರಾಮಸ್ಥರೇ ಓಡಾಡುವುದು ಕಷ್ಟವಾಗುತ್ತದೆ. ಎಐಡಿಎಸ್‌ಓ ಜಿಲ್ಲಾಧ್ಯಕ್ಷೆ ಪೂಜಾ ನಂದಿಹಳ್ಳಿ ಮಾತನಾಡಿದರು. ಕೆಪಿಎಸ್ ಮ್ಯಾಗ್ನೆಟ್ ಯೋಜನೆ ಹೆಸರಿನಲ್ಲಿ ಶಾಲೆಗಳ ವಿಲೀನ ಖಂಡಿಸಿ ಎಐಡಿಎಸ್‌ಓ ವಿದ್ಯಾರ್ಥಿ ಸಂಘಟನೆ ನೇತೃತ್ವದಲ್ಲಿ ಕೊಂಡಜ್ಜಿ ಗ್ರಾಮಸ್ಥರು ಪ್ರತಿಭಟನೆ ನಡೆಸಿದರು. ಕಕ್ಕರಗೊಳ್ಳ 3 ಕಿ.ಮೀ ದೂರದಲ್ಲಿದ್ದು, ದಿನನಿತ್ಯ ಗ್ರಾಮಸ್ಥರೇ ಓಡಾಡುವುದು ಕಷ್ಟವಾಗುತ್ತದೆ. ಎಐಡಿಎಸ್‌ಓ ಜಿಲ್ಲಾಧ್ಯಕ್ಷೆ ಪೂಜಾ ನಂದಿಹಳ್ಳಿ ಮಾತನಾಡಿದರು.
AIDSO
ಕೆಪಿಎಸ್ ಮ್ಯಾಗ್ನೆಟ್ ಯೋಜನೆ ಹೆಸರಿನಲ್ಲಿ ಶಾಲೆಗಳ ವಿಲೀನ ಖಂಡಿಸಿ ಎಐಡಿಎಸ್‌ಓ ವಿದ್ಯಾರ್ಥಿ ಸಂಘಟನೆ ನೇತೃತ್ವದಲ್ಲಿ ಕೊಂಡಜ್ಜಿ ಗ್ರಾಮಸ್ಥರು ಪ್ರತಿಭಟನೆ ನಡೆಸಿದರು. ಕಕ್ಕರಗೊಳ್ಳ 3 ಕಿ.ಮೀ ದೂರದಲ್ಲಿದ್ದು, ದಿನನಿತ್ಯ ಗ್ರಾಮಸ್ಥರೇ ಓಡಾಡುವುದು ಕಷ್ಟವಾಗುತ್ತದೆ. ಎಐಡಿಎಸ್‌ಓ ಜಿಲ್ಲಾಧ್ಯಕ್ಷೆ ಪೂಜಾ ನಂದಿಹಳ್ಳಿ ಮಾತನಾಡಿದರು.
ಕೆಪಿಎಸ್ ಮ್ಯಾಗ್ನೆಟ್ ಯೋಜನೆ ಹೆಸರಿನಲ್ಲಿ ಶಾಲೆಗಳ ವಿಲೀನ ಖಂಡಿಸಿ ಎಐಡಿಎಸ್‌ಓ ವಿದ್ಯಾರ್ಥಿ ಸಂಘಟನೆ ನೇತೃತ್ವದಲ್ಲಿ ಕೊಂಡಜ್ಜಿ ಗ್ರಾಮಸ್ಥರು ಪ್ರತಿಭಟನೆ ನಡೆಸಿದರು. ಕಕ್ಕರಗೊಳ್ಳ 3 ಕಿ.ಮೀ ದೂರದಲ್ಲಿದ್ದು, ದಿನನಿತ್ಯ ಗ್ರಾಮಸ್ಥರೇ ಓಡಾಡುವುದು ಕಷ್ಟವಾಗುತ್ತದೆ. ಎಐಡಿಎಸ್‌ಓ ಜಿಲ್ಲಾಧ್ಯಕ್ಷೆ ಪೂಜಾ ನಂದಿಹಳ್ಳಿ ಮಾತನಾಡಿದರು. ಕೆಪಿಎಸ್ ಮ್ಯಾಗ್ನೆಟ್ ಯೋಜನೆ ಹೆಸರಿನಲ್ಲಿ ಶಾಲೆಗಳ ವಿಲೀನ ಖಂಡಿಸಿ ಎಐಡಿಎಸ್‌ಓ ವಿದ್ಯಾರ್ಥಿ ಸಂಘಟನೆ ನೇತೃತ್ವದಲ್ಲಿ ಕೊಂಡಜ್ಜಿ ಗ್ರಾಮಸ್ಥರು ಪ್ರತಿಭಟನೆ ನಡೆಸಿದರು. ಕಕ್ಕರಗೊಳ್ಳ 3 ಕಿ.ಮೀ ದೂರದಲ್ಲಿದ್ದು, ದಿನನಿತ್ಯ ಗ್ರಾಮಸ್ಥರೇ ಓಡಾಡುವುದು ಕಷ್ಟವಾಗುತ್ತದೆ. ಎಐಡಿಎಸ್‌ಓ ಜಿಲ್ಲಾಧ್ಯಕ್ಷೆ ಪೂಜಾ ನಂದಿಹಳ್ಳಿ ಮಾತನಾಡಿದರು. ಕೆಪಿಎಸ್ ಮ್ಯಾಗ್ನೆಟ್ ಯೋಜನೆ ಹೆಸರಿನಲ್ಲಿ ಶಾಲೆಗಳ ವಿಲೀನ ಖಂಡಿಸಿ ಎಐಡಿಎಸ್‌ಓ ವಿದ್ಯಾರ್ಥಿ ಸಂಘಟನೆ ನೇತೃತ್ವದಲ್ಲಿ ಕೊಂಡಜ್ಜಿ ಗ್ರಾಮಸ್ಥರು ಪ್ರತಿಭಟನೆ ನಡೆಸಿದರು. ಕಕ್ಕರಗೊಳ್ಳ 3 ಕಿ.ಮೀ ದೂರದಲ್ಲಿದ್ದು, ದಿನನಿತ್ಯ ಗ್ರಾಮಸ್ಥರೇ ಓಡಾಡುವುದು ಕಷ್ಟವಾಗುತ್ತದೆ. ಎಐಡಿಎಸ್‌ಓ ಜಿಲ್ಲಾಧ್ಯಕ್ಷೆ ಪೂಜಾ ನಂದಿಹಳ್ಳಿ ಮಾತನಾಡಿದರು.
ಒಕ್ಕೂಟದ ಅಧ್ಯಕ್ಷ ಡಿ.ಕೆ. ಸಂಗಮೇಶ ಎಲಿಗಾರ್
ಡಿ.16ಕ್ಕೆ ದಸ್ತು ಪತ್ರ ಬರಹಗಾರರ ಬೆಳಗಾವಿ ಚಲೋ
ದಾವಣಗೆರೆ: ರಾಜ್ಯದ ದಸ್ತು ಪತ್ರ ಬರಹಗಾರರ ಬೇಡಿಕೆಗಳ ಈಡೇರಿಕೆಗೆ ಒತ್ತಾಯಿಸಿ ಡಿ.16ರಂದು ಬೆಳಗಾವಿ ಚಲೋ ನಡೆಸಲಾಗುವುದು ಎಂದು ಒಕ್ಕೂಟದ ಅಧ್ಯಕ್ಷ ಡಿ.ಕೆ. ಸಂಗಮೇಶ ಎಲಿಗಾರ್ ತಿಳಿಸಿದರು. ಚಳಿಗಾಲದ ಅಧಿವೇಶನ ನಡೆಯುತ್ತಿರುವ ಸಂದರ್ಭದಲ್ಲಿ ಸರ್ಕಾರದ ಗಮನ ಸೆಳೆಯಲಾಗುವುದು. ರಾಜ್ಯದ ದಸ್ತು ಪತ್ರ ಬರಹಗಾರರ ಬೇಡಿಕೆಗಳ ಈಡೇರಿಕೆಗೆ ಒತ್ತಾಯಿಸಿ ಡಿ.16ರಂದು ಬೆಳಗಾವಿ ಚಲೋ ನಡೆಸಲಾಗುವುದು ಎಂದು ಒಕ್ಕೂಟದ ಅಧ್ಯಕ್ಷ ಡಿ.ಕೆ. ಸಂಗಮೇಶ ಎಲಿಗಾರ್ ತಿಳಿಸಿದರು. ಚಳಿಗಾಲದ ಅಧಿವೇಶನ ನಡೆಯುತ್ತಿರುವ ಸಂದರ್ಭದಲ್ಲಿ ಸರ್ಕಾರದ ಗಮನ ಸೆಳೆಯಲಾಗುವುದು.
DAVANGERE DIST REPORTERS GUILD
ರಾಜ್ಯದ ದಸ್ತು ಪತ್ರ ಬರಹಗಾರರ ಬೇಡಿಕೆಗಳ ಈಡೇರಿಕೆಗೆ ಒತ್ತಾಯಿಸಿ ಡಿ.16ರಂದು ಬೆಳಗಾವಿ ಚಲೋ ನಡೆಸಲಾಗುವುದು ಎಂದು ಒಕ್ಕೂಟದ ಅಧ್ಯಕ್ಷ ಡಿ.ಕೆ. ಸಂಗಮೇಶ ಎಲಿಗಾರ್ ತಿಳಿಸಿದರು. ಚಳಿಗಾಲದ ಅಧಿವೇಶನ ನಡೆಯುತ್ತಿರುವ ಸಂದರ್ಭದಲ್ಲಿ ಸರ್ಕಾರದ ಗಮನ ಸೆಳೆಯಲಾಗುವುದು. ರಾಜ್ಯದ ದಸ್ತು ಪತ್ರ ಬರಹಗಾರರ ಬೇಡಿಕೆಗಳ ಈಡೇರಿಕೆಗೆ ಒತ್ತಾಯಿಸಿ ಡಿ.16ರಂದು ಬೆಳಗಾವಿ ಚಲೋ ನಡೆಸಲಾಗುವುದು ಎಂದು ಒಕ್ಕೂಟದ ಅಧ್ಯಕ್ಷ ಡಿ.ಕೆ. ಸಂಗಮೇಶ ಎಲಿಗಾರ್ ತಿಳಿಸಿದರು. ಚಳಿಗಾಲದ ಅಧಿವೇಶನ ನಡೆಯುತ್ತಿರುವ ಸಂದರ್ಭದಲ್ಲಿ ಸರ್ಕಾರದ ಗಮನ ಸೆಳೆಯಲಾಗುವುದು.
ರಾಜ್ಯದ ದಸ್ತು ಪತ್ರ ಬರಹಗಾರರ ಬೇಡಿಕೆಗಳ ಈಡೇರಿಕೆಗೆ ಒತ್ತಾಯಿಸಿ ಡಿ.16ರಂದು ಬೆಳಗಾವಿ ಚಲೋ ನಡೆಸಲಾಗುವುದು ಎಂದು ಒಕ್ಕೂಟದ ಅಧ್ಯಕ್ಷ ಡಿ.ಕೆ. ಸಂಗಮೇಶ ಎಲಿಗಾರ್ ತಿಳಿಸಿದರು. ಚಳಿಗಾಲದ ಅಧಿವೇಶನ ನಡೆಯುತ್ತಿರುವ ಸಂದರ್ಭದಲ್ಲಿ ಸರ್ಕಾರದ ಗಮನ ಸೆಳೆಯಲಾಗುವುದು. ರಾಜ್ಯದ ದಸ್ತು ಪತ್ರ ಬರಹಗಾರರ ಬೇಡಿಕೆಗಳ ಈಡೇರಿಕೆಗೆ ಒತ್ತಾಯಿಸಿ ಡಿ.16ರಂದು ಬೆಳಗಾವಿ ಚಲೋ ನಡೆಸಲಾಗುವುದು ಎಂದು ಒಕ್ಕೂಟದ ಅಧ್ಯಕ್ಷ ಡಿ.ಕೆ. ಸಂಗಮೇಶ ಎಲಿಗಾರ್ ತಿಳಿಸಿದರು. ಚಳಿಗಾಲದ ಅಧಿವೇಶನ ನಡೆಯುತ್ತಿರುವ ಸಂದರ್ಭದಲ್ಲಿ ಸರ್ಕಾರದ ಗಮನ ಸೆಳೆಯಲಾಗುವುದು.
